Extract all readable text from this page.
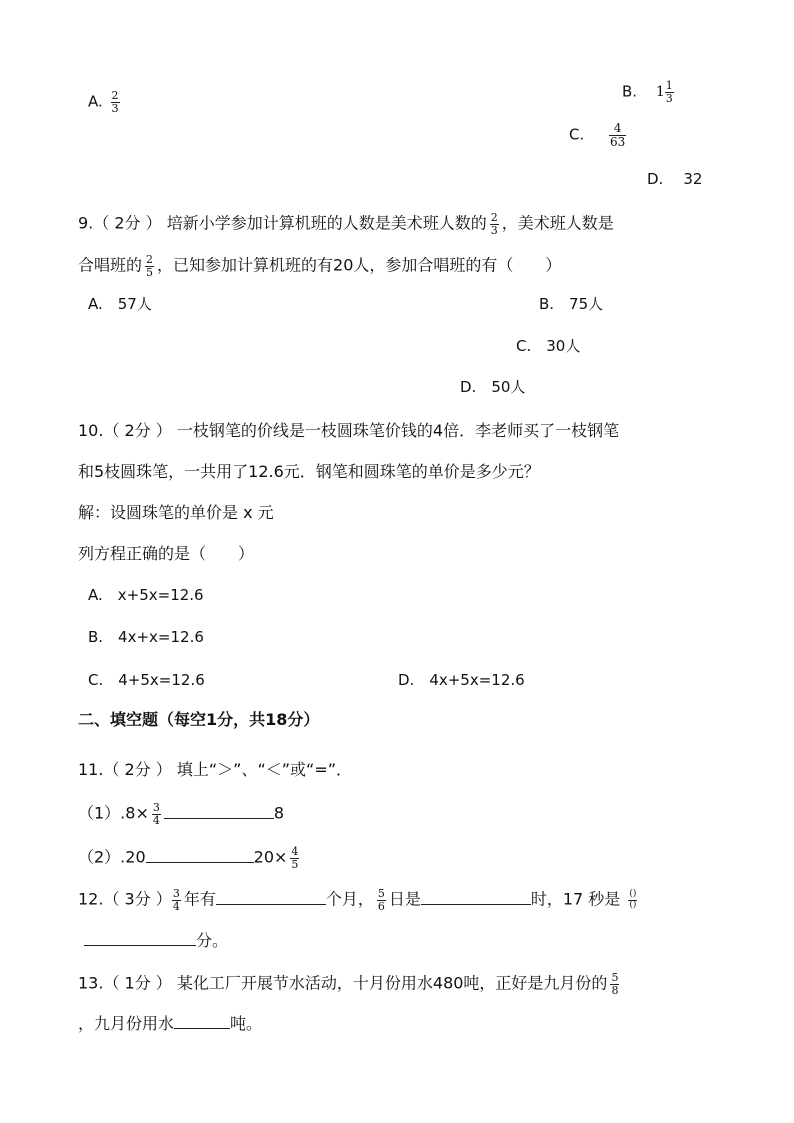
A. $\frac{2}{3}$	B. $1 \frac{1}{3}$
C. $\frac{4}{63}$
D. 32
9.（ 2分 ） 培新小学参加计算机班的人数是美术班人数的 $\frac{2}{3}$ ，美术班人数是
合唱班的 $\frac{2}{5}$ ，已知参加计算机班的有20人，参加合唱班的有（　　）
A.　57人	B.　75人
C.　30人
D.　50人
10.（ 2分 ） 一枝钢笔的价线是一枝圆珠笔价钱的4倍．李老师买了一枝钢笔
和5枝圆珠笔，一共用了12.6元．钢笔和圆珠笔的单价是多少元？
解：设圆珠笔的单价是 x 元
列方程正确的是（　　）
A.　x+5x=12.6
B.　4x+x=12.6
C.　4+5x=12.6	D.　4x+5x=12.6
二、填空题（每空1分，共18分）
11.（ 2分 ） 填上“＞”、“＜”或“=”．
$(1).8\times \frac{3}{4}$	8
（2）.20	$20\times \frac{4}{5}$
12.（ 3分 ） $\frac{3}{4}$ 年有	个月， $\frac{5}{6}$ 日是	时，17 秒是 $\frac{()}{()}$
分。
13.（ 1分 ） 某化工厂开展节水活动，十月份用水480吨，正好是九月份的 $\frac{5}{8}$
，九月份用水	吨。
